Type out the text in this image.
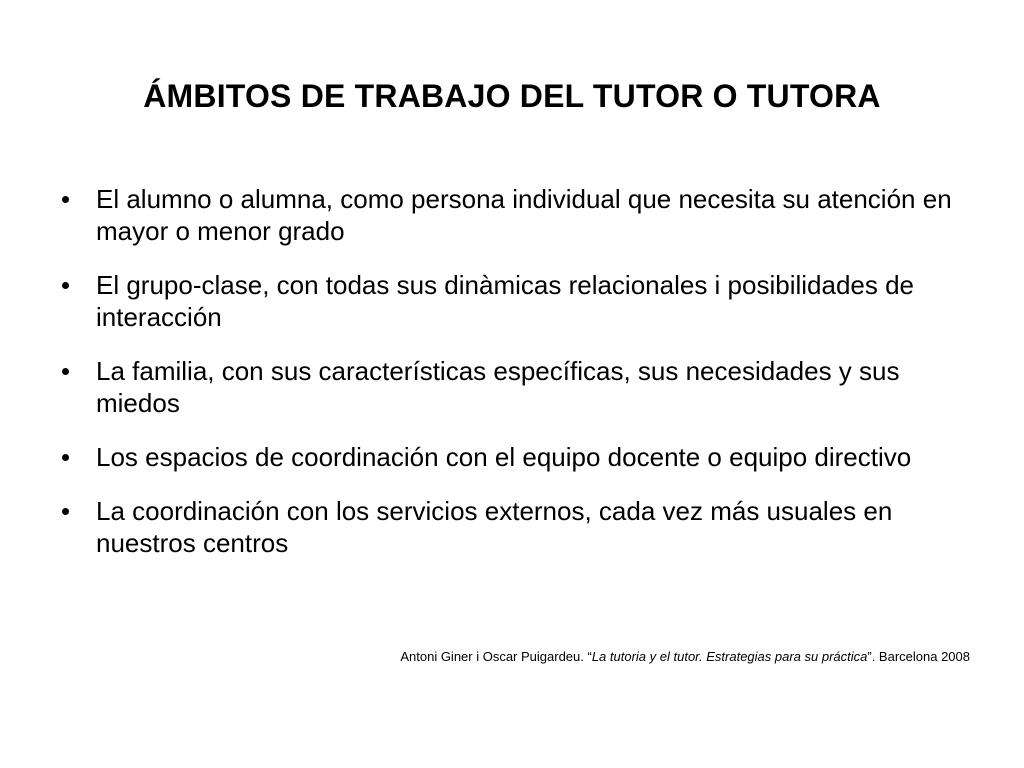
ÁMBITOS DE TRABAJO DEL TUTOR O TUTORA
El alumno o alumna, como persona individual que necesita su atención en mayor o menor grado
El grupo-clase, con todas sus dinàmicas relacionales i posibilidades de interacción
La familia, con sus características específicas, sus necesidades y sus miedos
Los espacios de coordinación con el equipo docente o equipo directivo
La coordinación con los servicios externos, cada vez más usuales en nuestros centros
Antoni Giner i Oscar Puigardeu. “La tutoria y el tutor. Estrategias para su práctica”. Barcelona 2008
